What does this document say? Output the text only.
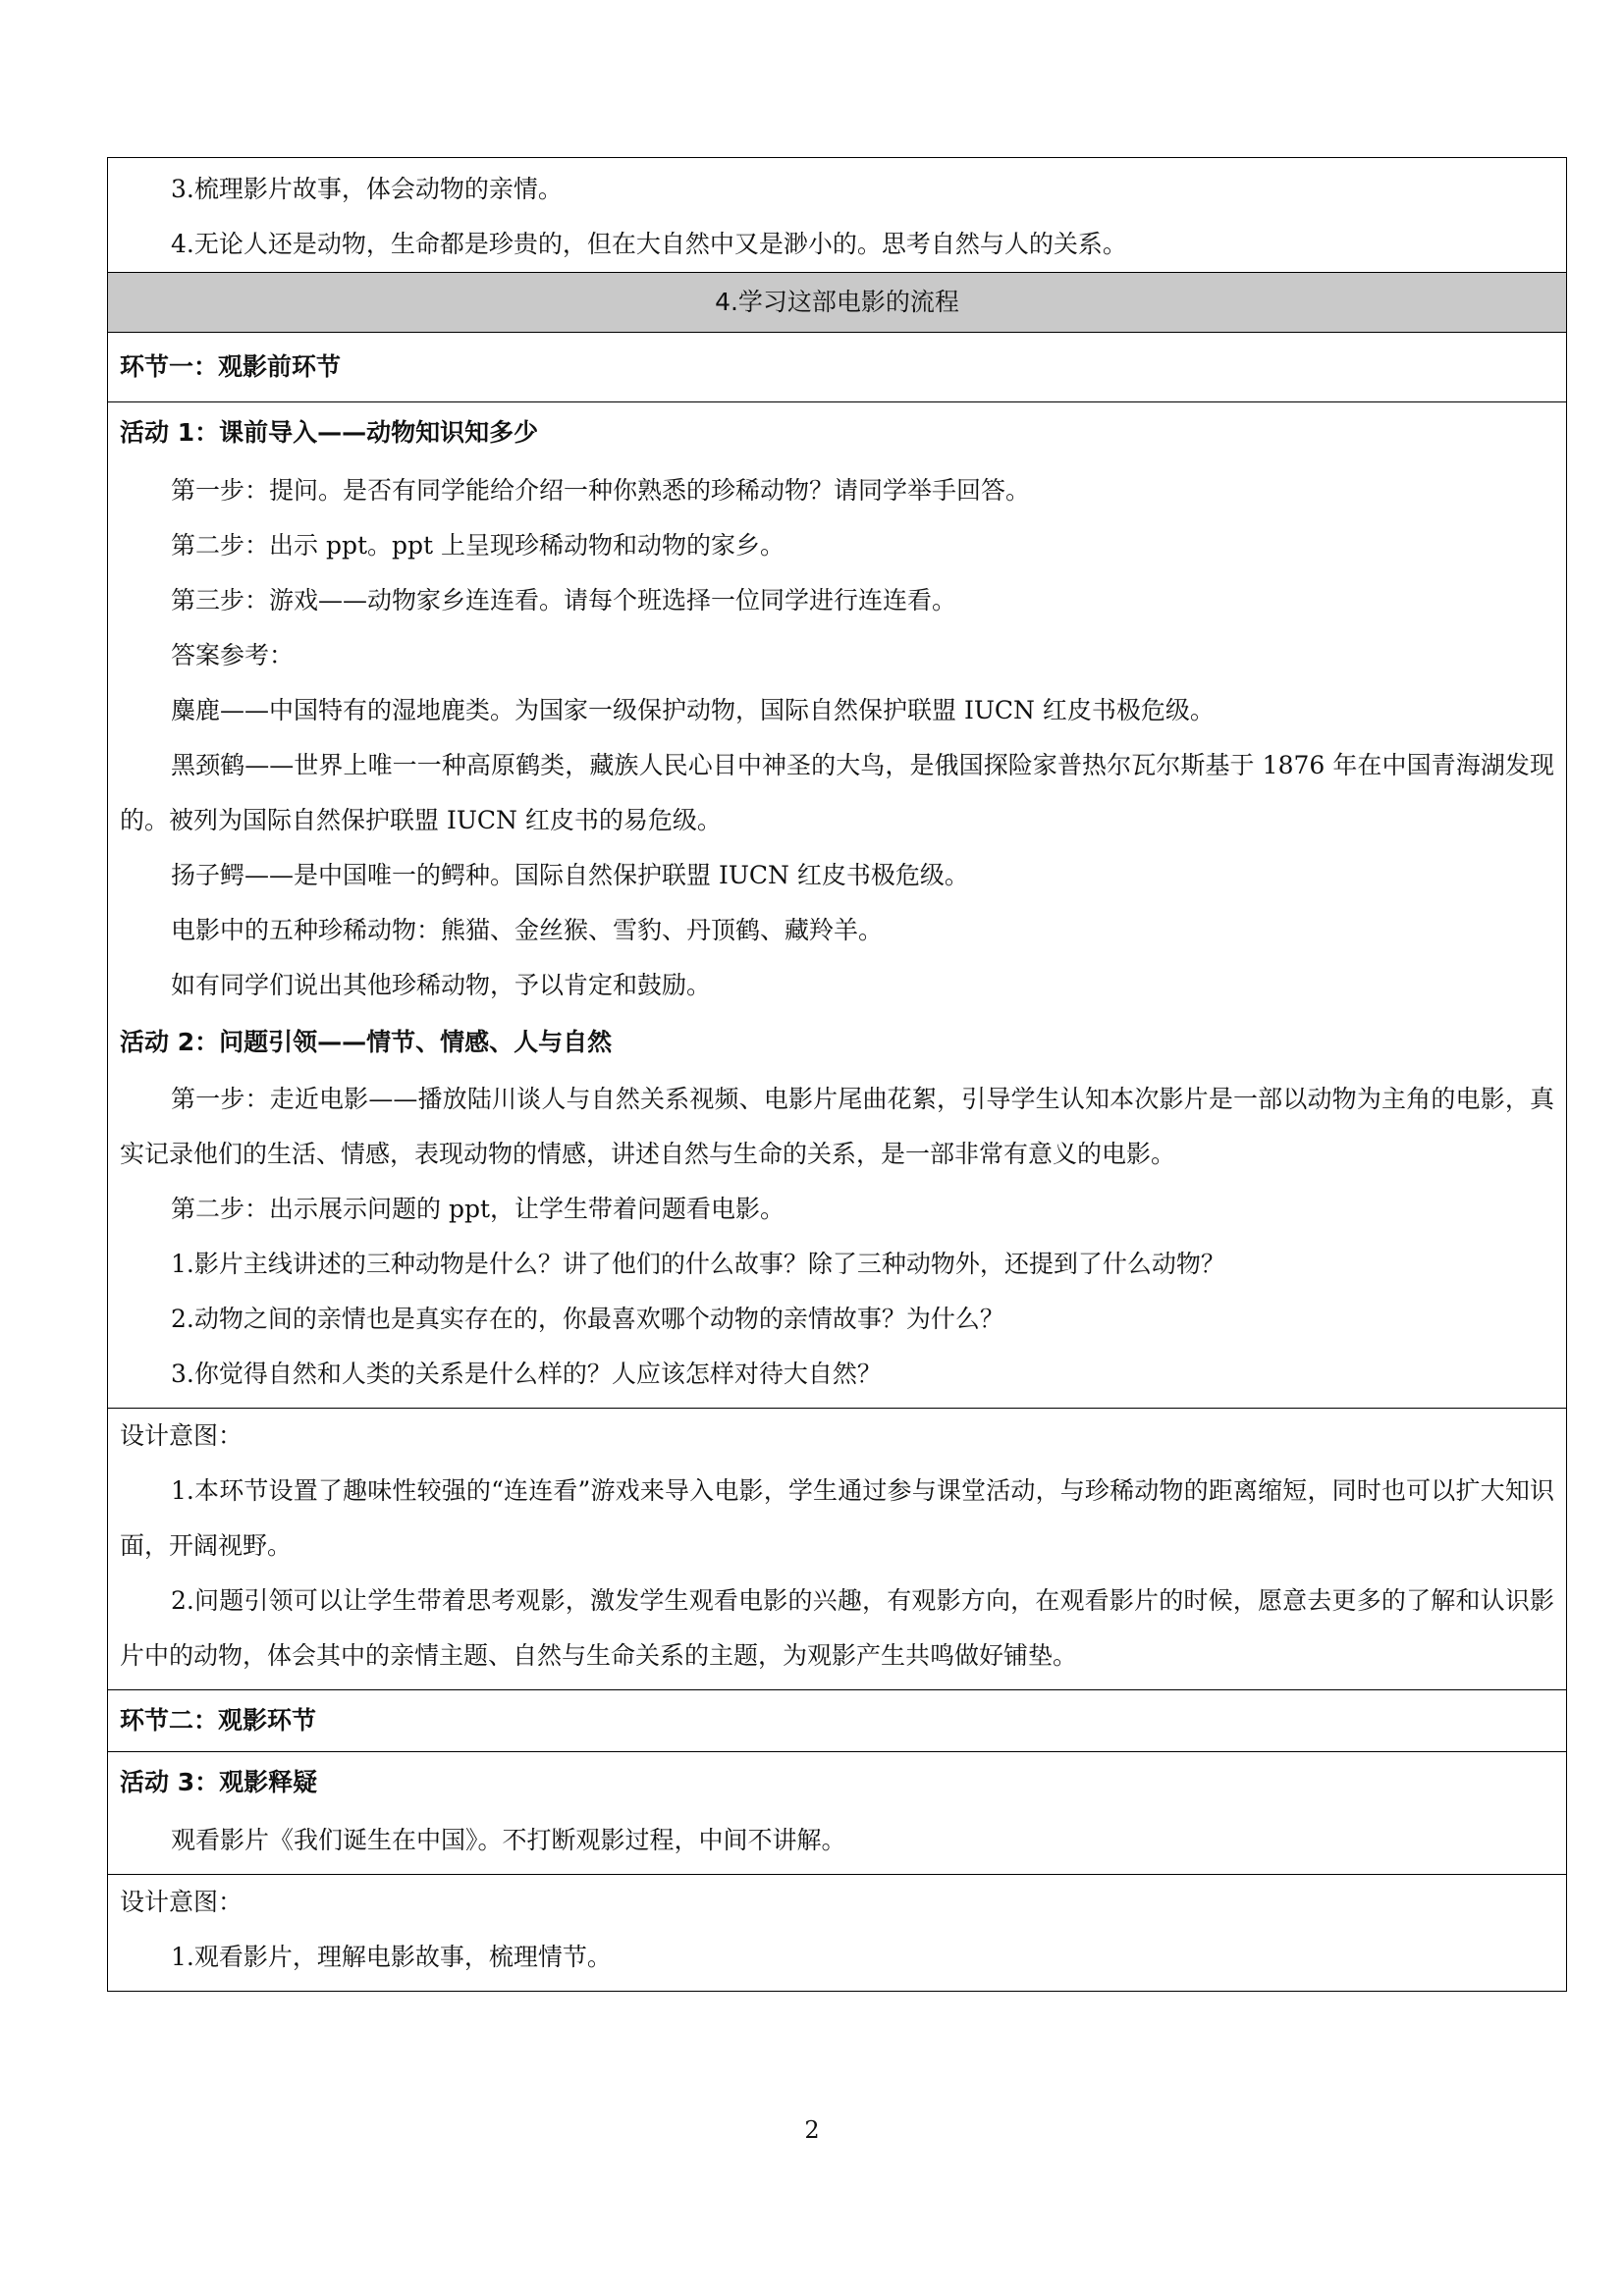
3.梳理影片故事，体会动物的亲情。

4.无论人还是动物，生命都是珍贵的，但在大自然中又是渺小的。思考自然与人的关系。

4.学习这部电影的流程
环节一：观影前环节

活动 1：课前导入——动物知识知多少

第一步：提问。是否有同学能给介绍一种你熟悉的珍稀动物？请同学举手回答。

第二步：出示 ppt。ppt 上呈现珍稀动物和动物的家乡。

第三步：游戏——动物家乡连连看。请每个班选择一位同学进行连连看。

答案参考：

麋鹿——中国特有的湿地鹿类。为国家一级保护动物，国际自然保护联盟 IUCN 红皮书极危级。

黑颈鹤——世界上唯一一种高原鹤类，藏族人民心目中神圣的大鸟，是俄国探险家普热尔瓦尔斯基于 1876 年在中国青海湖发现的。被列为国际自然保护联盟 IUCN 红皮书的易危级。

扬子鳄——是中国唯一的鳄种。国际自然保护联盟 IUCN 红皮书极危级。

电影中的五种珍稀动物：熊猫、金丝猴、雪豹、丹顶鹤、藏羚羊。

如有同学们说出其他珍稀动物，予以肯定和鼓励。

活动 2：问题引领——情节、情感、人与自然

第一步：走近电影——播放陆川谈人与自然关系视频、电影片尾曲花絮，引导学生认知本次影片是一部以动物为主角的电影，真实记录他们的生活、情感，表现动物的情感，讲述自然与生命的关系，是一部非常有意义的电影。

第二步：出示展示问题的 ppt，让学生带着问题看电影。

1.影片主线讲述的三种动物是什么？讲了他们的什么故事？除了三种动物外，还提到了什么动物？

2.动物之间的亲情也是真实存在的，你最喜欢哪个动物的亲情故事？为什么？

3.你觉得自然和人类的关系是什么样的？人应该怎样对待大自然？

设计意图：

1.本环节设置了趣味性较强的“连连看”游戏来导入电影，学生通过参与课堂活动，与珍稀动物的距离缩短，同时也可以扩大知识面，开阔视野。

2.问题引领可以让学生带着思考观影，激发学生观看电影的兴趣，有观影方向，在观看影片的时候，愿意去更多的了解和认识影片中的动物，体会其中的亲情主题、自然与生命关系的主题，为观影产生共鸣做好铺垫。

环节二：观影环节

活动 3：观影释疑

观看影片《我们诞生在中国》。不打断观影过程，中间不讲解。

设计意图：

1.观看影片，理解电影故事，梳理情节。

2
